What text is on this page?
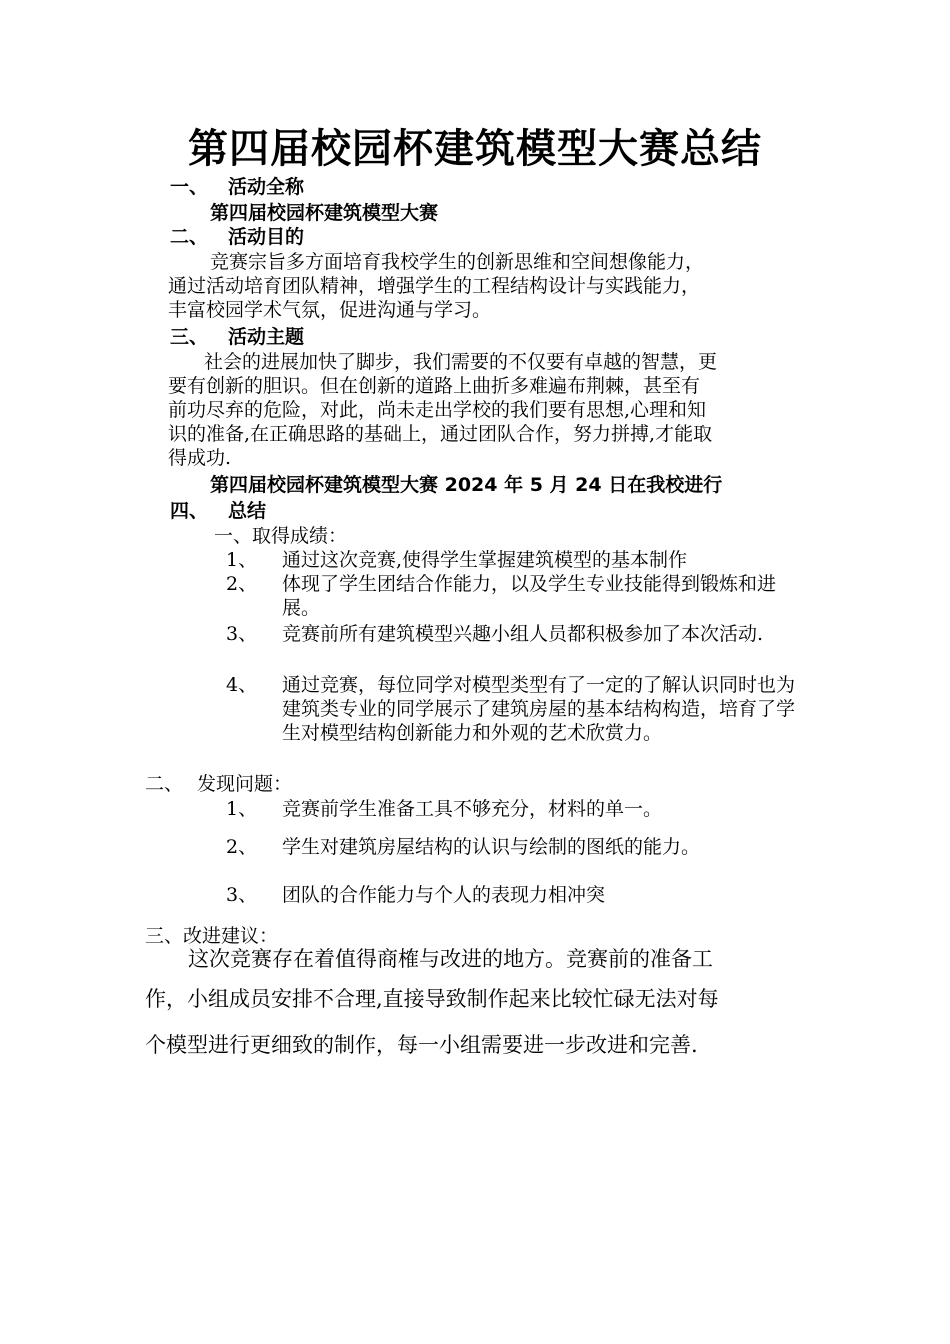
第四届校园杯建筑模型大赛总结
一、 活动全称
第四届校园杯建筑模型大赛
二、 活动目的
竞赛宗旨多方面培育我校学生的创新思维和空间想像能力，
通过活动培育团队精神，增强学生的工程结构设计与实践能力，
丰富校园学术气氛，促进沟通与学习。
三、 活动主题
社会的进展加快了脚步，我们需要的不仅要有卓越的智慧，更
要有创新的胆识。但在创新的道路上曲折多难遍布荆棘，甚至有
前功尽弃的危险，对此，尚未走出学校的我们要有思想,心理和知
识的准备,在正确思路的基础上，通过团队合作，努力拼搏,才能取
得成功.
第四届校园杯建筑模型大赛 2024 年 5 月 24 日在我校进行
四、 总结
一、取得成绩：
1、 通过这次竞赛,使得学生掌握建筑模型的基本制作
2、 体现了学生团结合作能力，以及学生专业技能得到锻炼和进展。
3、 竞赛前所有建筑模型兴趣小组人员都积极参加了本次活动.
4、 通过竞赛，每位同学对模型类型有了一定的了解认识同时也为建筑类专业的同学展示了建筑房屋的基本结构构造，培育了学生对模型结构创新能力和外观的艺术欣赏力。
二、 发现问题：
1、 竞赛前学生准备工具不够充分，材料的单一。
2、 学生对建筑房屋结构的认识与绘制的图纸的能力。
3、 团队的合作能力与个人的表现力相冲突
三、改进建议：
这次竞赛存在着值得商榷与改进的地方。竞赛前的准备工
作，小组成员安排不合理,直接导致制作起来比较忙碌无法对每
个模型进行更细致的制作，每一小组需要进一步改进和完善.
